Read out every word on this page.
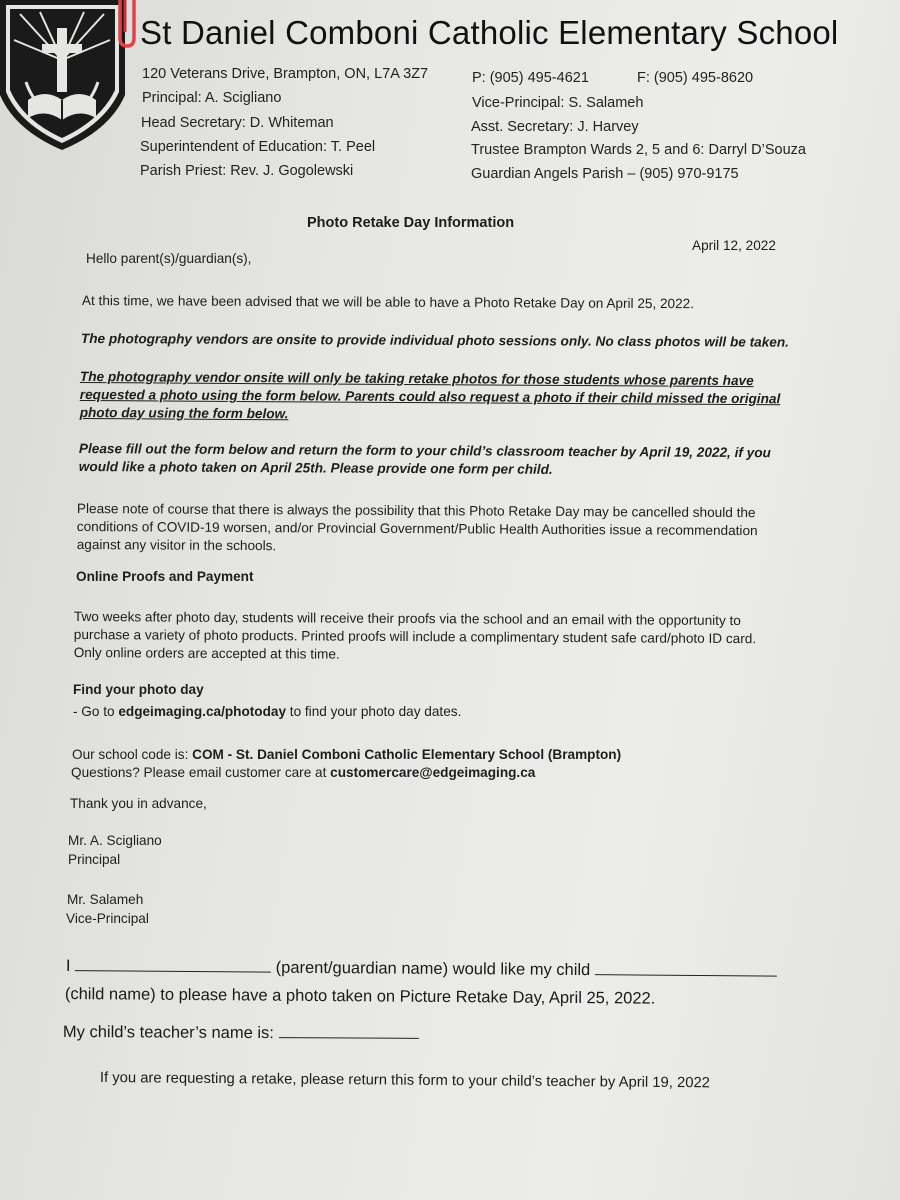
St Daniel Comboni Catholic Elementary School
120 Veterans Drive, Brampton, ON, L7A 3Z7
Principal: A. Scigliano
Head Secretary: D. Whiteman
Superintendent of Education: T. Peel
Parish Priest: Rev. J. Gogolewski
P: (905) 495-4621	F: (905) 495-8620
Vice-Principal: S. Salameh
Asst. Secretary: J. Harvey
Trustee Brampton Wards 2, 5 and 6: Darryl D’Souza
Guardian Angels Parish – (905) 970-9175
Photo Retake Day Information
April 12, 2022
Hello parent(s)/guardian(s),
At this time, we have been advised that we will be able to have a Photo Retake Day on April 25, 2022.
The photography vendors are onsite to provide individual photo sessions only. No class photos will be taken.
The photography vendor onsite will only be taking retake photos for those students whose parents have
requested a photo using the form below. Parents could also request a photo if their child missed the original
photo day using the form below.
Please fill out the form below and return the form to your child’s classroom teacher by April 19, 2022, if you
would like a photo taken on April 25th. Please provide one form per child.
Please note of course that there is always the possibility that this Photo Retake Day may be cancelled should the
conditions of COVID-19 worsen, and/or Provincial Government/Public Health Authorities issue a recommendation
against any visitor in the schools.
Online Proofs and Payment
Two weeks after photo day, students will receive their proofs via the school and an email with the opportunity to
purchase a variety of photo products. Printed proofs will include a complimentary student safe card/photo ID card.
Only online orders are accepted at this time.
Find your photo day
- Go to edgeimaging.ca/photoday to find your photo day dates.
Our school code is: COM - St. Daniel Comboni Catholic Elementary School (Brampton)
Questions? Please email customer care at customercare@edgeimaging.ca
Thank you in advance,
Mr. A. Scigliano
Principal
Mr. Salameh
Vice-Principal
I	(parent/guardian name) would like my child
(child name) to please have a photo taken on Picture Retake Day, April 25, 2022.
My child’s teacher’s name is:
If you are requesting a retake, please return this form to your child’s teacher by April 19, 2022
